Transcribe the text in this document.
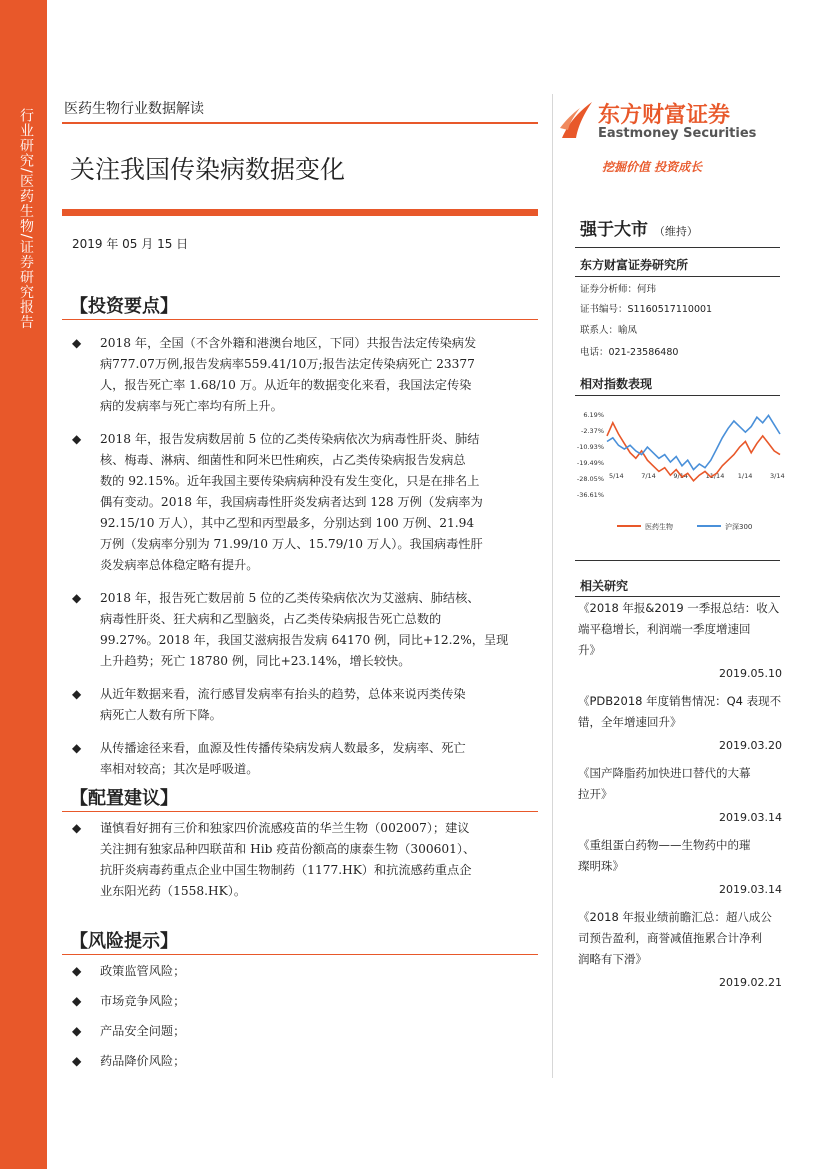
行业研究/医药生物/证券研究报告 医药生物行业数据解读
关注我国传染病数据变化
2019 年 05 月 15 日
东方财富证券
Eastmoney Securities
挖掘价值 投资成长
强于大市 （维持）
东方财富证券研究所
证券分析师：何玮
证书编号：S1160517110001
联系人：喻凤
电话：021-23586480
相对指数表现
6.19%
-2.37%
-10.93%
-19.49%
-28.05%
-36.61%
5/14	7/14	9/14	11/14 1/14	3/14
医药生物	沪深300
相关研究
《2018 年报&2019 一季报总结：收入
端平稳增长，利润端一季度增速回
升》
2019.05.10
《PDB2018 年度销售情况：Q4 表现不
错，全年增速回升》
2019.03.20
《国产降脂药加快进口替代的大幕
拉开》
2019.03.14
《重组蛋白药物——生物药中的璀
璨明珠》
2019.03.14
《2018 年报业绩前瞻汇总：超八成公
司预告盈利，商誉减值拖累合计净利
润略有下滑》
2019.02.21
【投资要点】
◆ 2018 年，全国（不含外籍和港澳台地区，下同）共报告法定传染病发
病777.07万例,报告发病率559.41/10万;报告法定传染病死亡 23377
人，报告死亡率 1.68/10 万。从近年的数据变化来看，我国法定传染
病的发病率与死亡率均有所上升。
◆ 2018 年，报告发病数居前 5 位的乙类传染病依次为病毒性肝炎、肺结
核、梅毒、淋病、细菌性和阿米巴性痢疾，占乙类传染病报告发病总
数的 92.15%。近年我国主要传染病病种没有发生变化，只是在排名上
偶有变动。2018 年，我国病毒性肝炎发病者达到 128 万例（发病率为
92.15/10 万人），其中乙型和丙型最多，分别达到 100 万例、21.94
万例（发病率分别为 71.99/10 万人、15.79/10 万人）。我国病毒性肝
炎发病率总体稳定略有提升。
◆ 2018 年，报告死亡数居前 5 位的乙类传染病依次为艾滋病、肺结核、
病毒性肝炎、狂犬病和乙型脑炎，占乙类传染病报告死亡总数的
99.27%。2018 年，我国艾滋病报告发病 64170 例，同比+12.2%，呈现
上升趋势；死亡 18780 例，同比+23.14%，增长较快。
◆ 从近年数据来看，流行感冒发病率有抬头的趋势，总体来说丙类传染
病死亡人数有所下降。
◆ 从传播途径来看，血源及性传播传染病发病人数最多，发病率、死亡
率相对较高；其次是呼吸道。
【配置建议】
◆ 谨慎看好拥有三价和独家四价流感疫苗的华兰生物（002007）；建议
关注拥有独家品种四联苗和 Hib 疫苗份额高的康泰生物（300601）、
抗肝炎病毒药重点企业中国生物制药（1177.HK）和抗流感药重点企
业东阳光药（1558.HK）。
【风险提示】
◆ 政策监管风险；
◆ 市场竞争风险；
◆ 产品安全问题；
◆ 药品降价风险；
